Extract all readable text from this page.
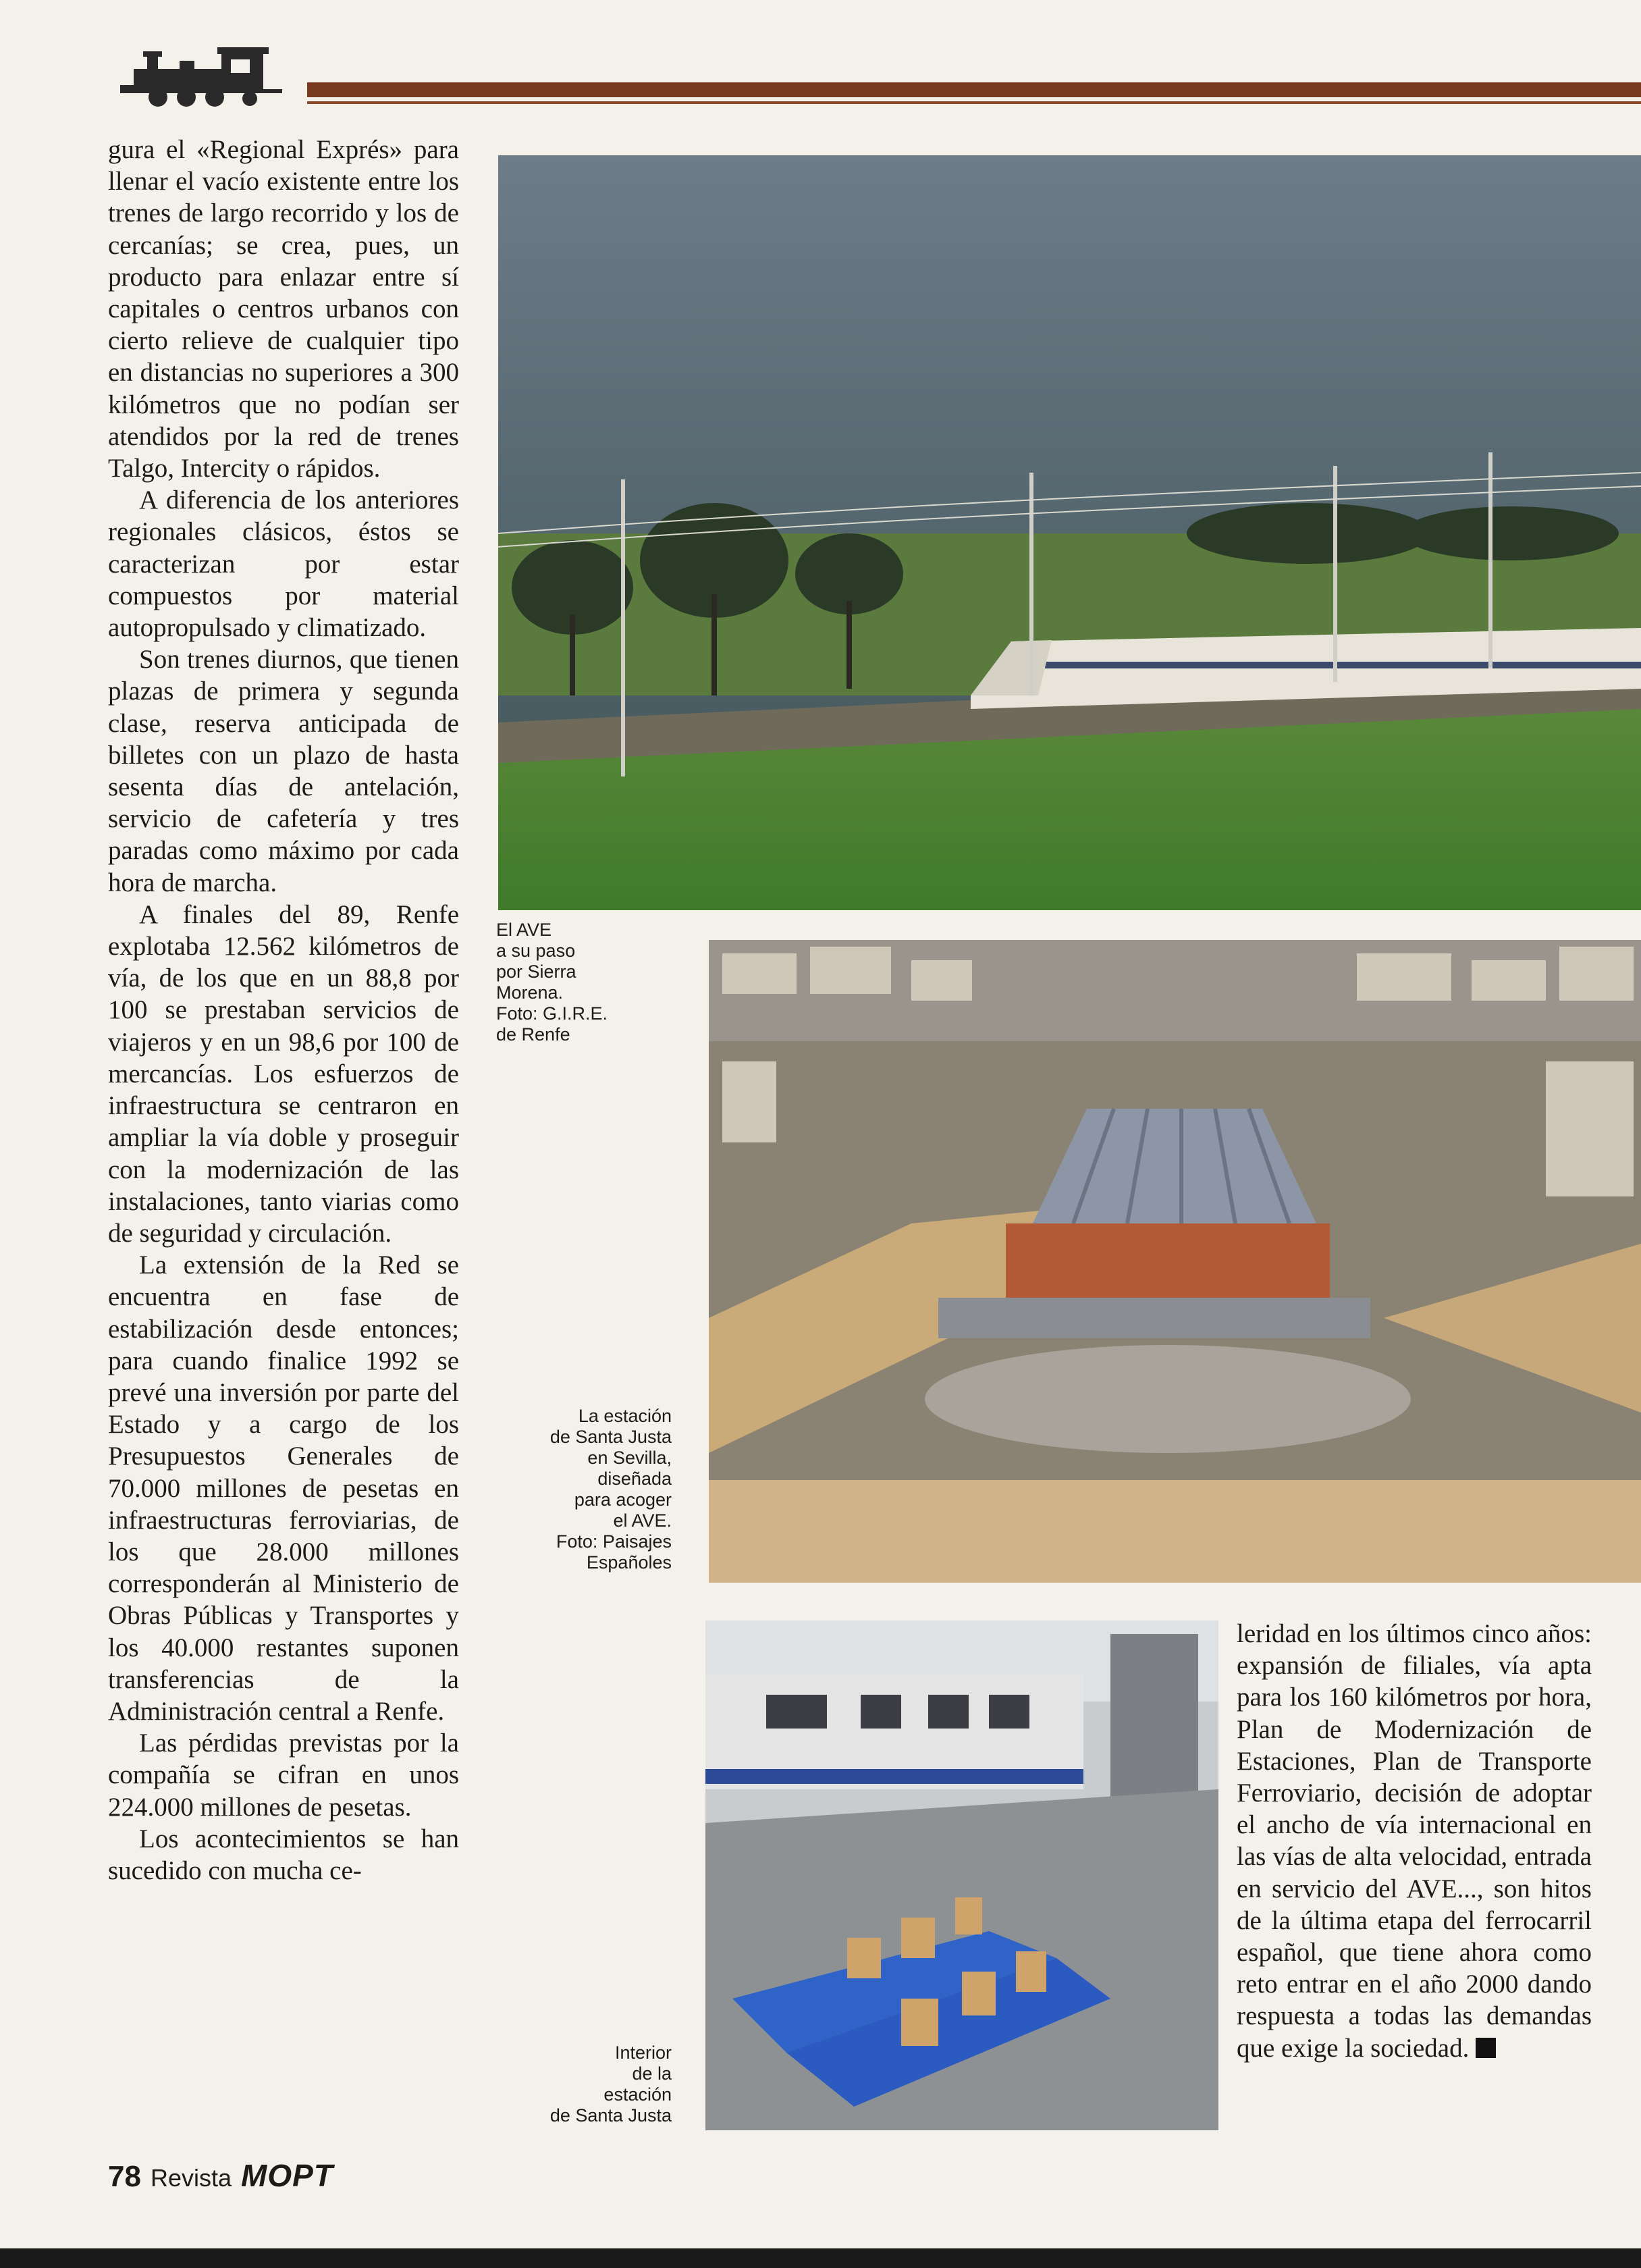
gura el «Regional Exprés» para llenar el vacío existente entre los trenes de largo recorrido y los de cercanías; se crea, pues, un producto para enlazar entre sí capitales o centros urbanos con cierto relieve de cualquier tipo en distancias no superiores a 300 kilómetros que no podían ser atendidos por la red de trenes Talgo, Intercity o rápidos.

A diferencia de los anteriores regionales clásicos, éstos se caracterizan por estar compuestos por material autopropulsado y climatizado.

Son trenes diurnos, que tienen plazas de primera y segunda clase, reserva anticipada de billetes con un plazo de hasta sesenta días de antelación, servicio de cafetería y tres paradas como máximo por cada hora de marcha.

A finales del 89, Renfe explotaba 12.562 kilómetros de vía, de los que en un 88,8 por 100 se prestaban servicios de viajeros y en un 98,6 por 100 de mercancías. Los esfuerzos de infraestructura se centraron en ampliar la vía doble y proseguir con la modernización de las instalaciones, tanto viarias como de seguridad y circulación.

La extensión de la Red se encuentra en fase de estabilización desde entonces; para cuando finalice 1992 se prevé una inversión por parte del Estado y a cargo de los Presupuestos Generales de 70.000 millones de pesetas en infraestructuras ferroviarias, de los que 28.000 millones corresponderán al Ministerio de Obras Públicas y Transportes y los 40.000 restantes suponen transferencias de la Administración central a Renfe.

Las pérdidas previstas por la compañía se cifran en unos 224.000 millones de pesetas.

Los acontecimientos se han sucedido con mucha ce-

El AVE
a su paso
por Sierra
Morena.
Foto: G.I.R.E.
de Renfe
La estación
de Santa Justa
en Sevilla,
diseñada
para acoger
el AVE.
Foto: Paisajes
Españoles
Interior
de la
estación
de Santa Justa

leridad en los últimos cinco años: expansión de filiales, vía apta para los 160 kilómetros por hora, Plan de Modernización de Estaciones, Plan de Transporte Ferroviario, decisión de adoptar el ancho de vía internacional en las vías de alta velocidad, entrada en servicio del AVE..., son hitos de la última etapa del ferrocarril español, que tiene ahora como reto entrar en el año 2000 dando respuesta a todas las demandas que exige la sociedad.

78 Revista MOPT
